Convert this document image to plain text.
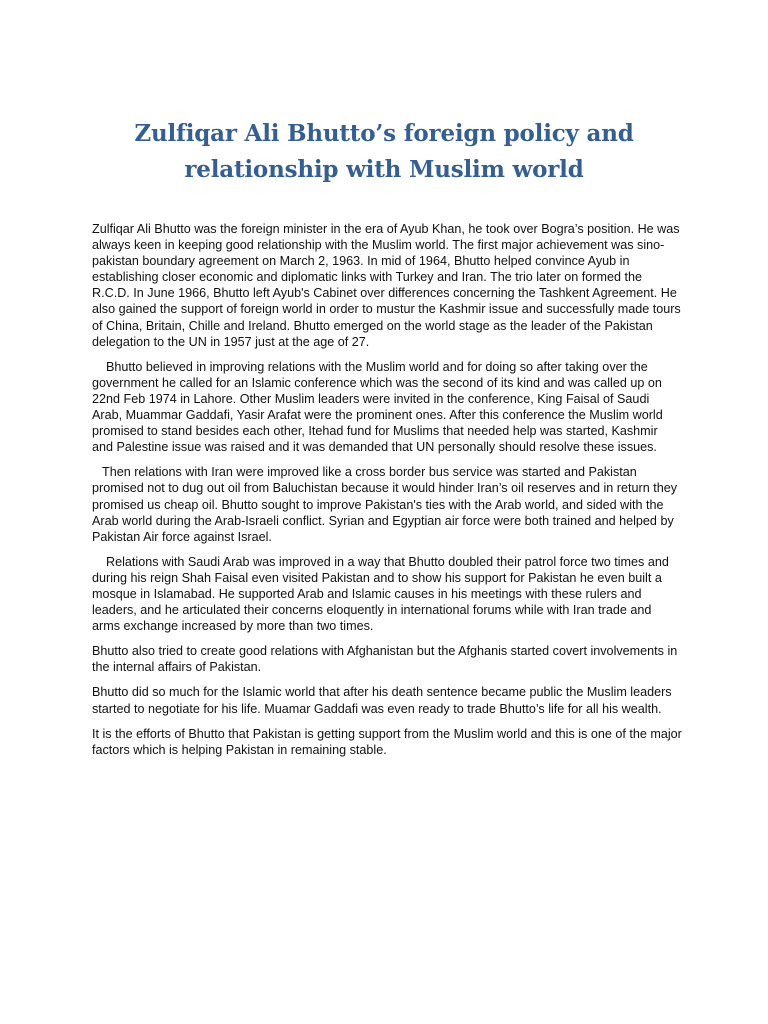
Zulfiqar Ali Bhutto’s foreign policy and relationship with Muslim world

Zulfiqar Ali Bhutto was the foreign minister in the era of Ayub Khan, he took over Bogra’s position. He was always keen in keeping good relationship with the Muslim world. The first major achievement was sino-pakistan boundary agreement on March 2, 1963. In mid of 1964, Bhutto helped convince Ayub in establishing closer economic and diplomatic links with Turkey and Iran. The trio later on formed the R.C.D. In June 1966, Bhutto left Ayub's Cabinet over differences concerning the Tashkent Agreement. He also gained the support of foreign world in order to mustur the Kashmir issue and successfully made tours of China, Britain, Chille and Ireland. Bhutto emerged on the world stage as the leader of the Pakistan delegation to the UN in 1957 just at the age of 27.

Bhutto believed in improving relations with the Muslim world and for doing so after taking over the government he called for an Islamic conference which was the second of its kind and was called up on 22nd Feb 1974 in Lahore. Other Muslim leaders were invited in the conference, King Faisal of Saudi Arab, Muammar Gaddafi, Yasir Arafat were the prominent ones. After this conference the Muslim world promised to stand besides each other, Itehad fund for Muslims that needed help was started, Kashmir and Palestine issue was raised and it was demanded that UN personally should resolve these issues.

Then relations with Iran were improved like a cross border bus service was started and Pakistan promised not to dug out oil from Baluchistan because it would hinder Iran’s oil reserves and in return they promised us cheap oil. Bhutto sought to improve Pakistan's ties with the Arab world, and sided with the Arab world during the Arab-Israeli conflict. Syrian and Egyptian air force were both trained and helped by Pakistan Air force against Israel.

Relations with Saudi Arab was improved in a way that Bhutto doubled their patrol force two times and during his reign Shah Faisal even visited Pakistan and to show his support for Pakistan he even built a mosque in Islamabad. He supported Arab and Islamic causes in his meetings with these rulers and leaders, and he articulated their concerns eloquently in international forums while with Iran trade and arms exchange increased by more than two times.

Bhutto also tried to create good relations with Afghanistan but the Afghanis started covert involvements in the internal affairs of Pakistan.

Bhutto did so much for the Islamic world that after his death sentence became public the Muslim leaders started to negotiate for his life. Muamar Gaddafi was even ready to trade Bhutto’s life for all his wealth.

It is the efforts of Bhutto that Pakistan is getting support from the Muslim world and this is one of the major factors which is helping Pakistan in remaining stable.
